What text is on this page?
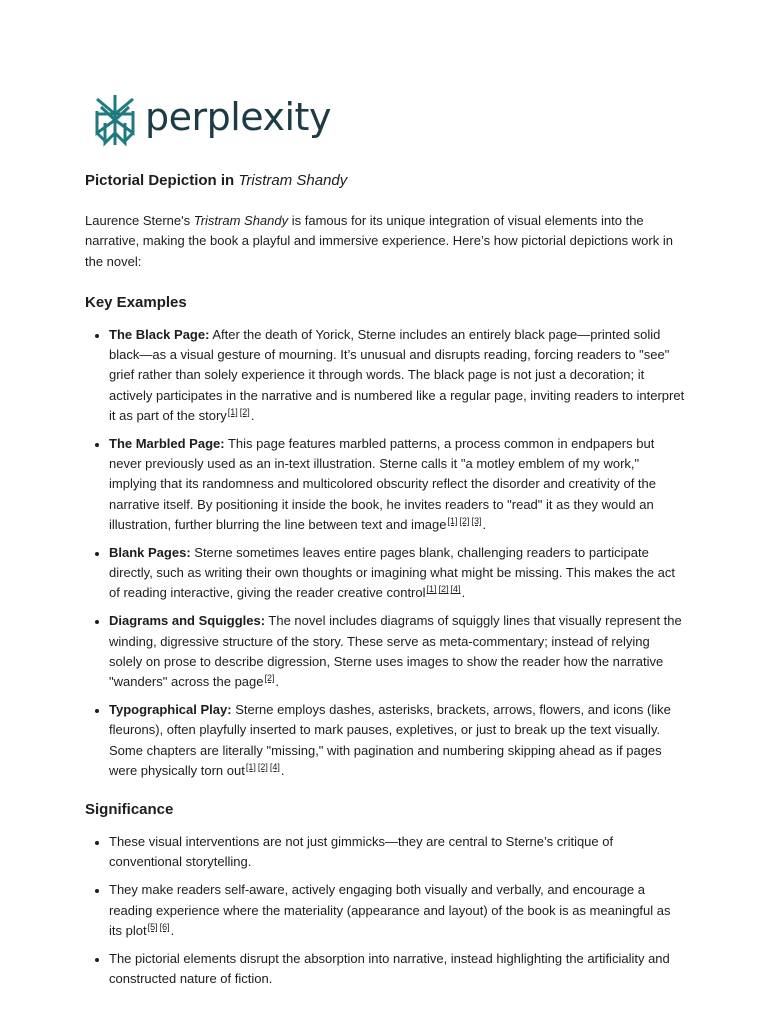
perplexity
Pictorial Depiction in Tristram Shandy

Laurence Sterne's Tristram Shandy is famous for its unique integration of visual elements into the narrative, making the book a playful and immersive experience. Here’s how pictorial depictions work in the novel:

Key Examples
• The Black Page: After the death of Yorick, Sterne includes an entirely black page—printed solid black—as a visual gesture of mourning. It’s unusual and disrupts reading, forcing readers to "see" grief rather than solely experience it through words. The black page is not just a decoration; it actively participates in the narrative and is numbered like a regular page, inviting readers to interpret it as part of the story[1] [2].
• The Marbled Page: This page features marbled patterns, a process common in endpapers but never previously used as an in-text illustration. Sterne calls it "a motley emblem of my work," implying that its randomness and multicolored obscurity reflect the disorder and creativity of the narrative itself. By positioning it inside the book, he invites readers to "read" it as they would an illustration, further blurring the line between text and image[1] [2] [3].
• Blank Pages: Sterne sometimes leaves entire pages blank, challenging readers to participate directly, such as writing their own thoughts or imagining what might be missing. This makes the act of reading interactive, giving the reader creative control[1] [2] [4].
• Diagrams and Squiggles: The novel includes diagrams of squiggly lines that visually represent the winding, digressive structure of the story. These serve as meta-commentary; instead of relying solely on prose to describe digression, Sterne uses images to show the reader how the narrative "wanders" across the page[2].
• Typographical Play: Sterne employs dashes, asterisks, brackets, arrows, flowers, and icons (like fleurons), often playfully inserted to mark pauses, expletives, or just to break up the text visually. Some chapters are literally "missing," with pagination and numbering skipping ahead as if pages were physically torn out[1] [2] [4].
Significance
• These visual interventions are not just gimmicks—they are central to Sterne’s critique of conventional storytelling.
• They make readers self-aware, actively engaging both visually and verbally, and encourage a reading experience where the materiality (appearance and layout) of the book is as meaningful as its plot[5] [6].
• The pictorial elements disrupt the absorption into narrative, instead highlighting the artificiality and constructed nature of fiction.
